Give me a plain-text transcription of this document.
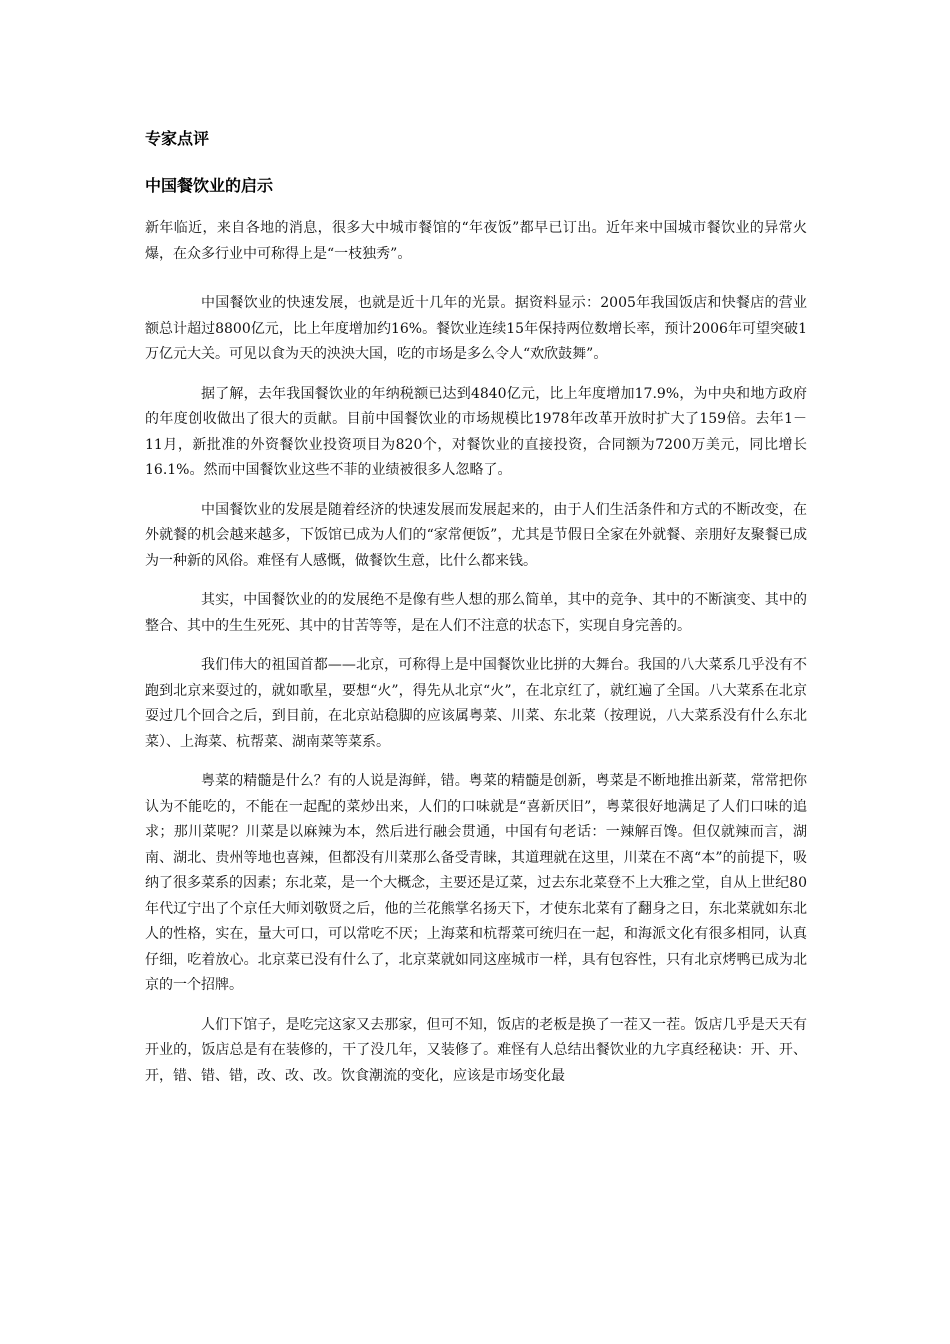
专家点评
中国餐饮业的启示

新年临近，来自各地的消息，很多大中城市餐馆的“年夜饭”都早已订出。近年来中国城市餐饮业的异常火爆，在众多行业中可称得上是“一枝独秀”。

中国餐饮业的快速发展，也就是近十几年的光景。据资料显示：2005年我国饭店和快餐店的营业额总计超过8800亿元，比上年度增加约16%。餐饮业连续15年保持两位数增长率，预计2006年可望突破1万亿元大关。可见以食为天的泱泱大国，吃的市场是多么令人“欢欣鼓舞”。

据了解，去年我国餐饮业的年纳税额已达到4840亿元，比上年度增加17.9%，为中央和地方政府的年度创收做出了很大的贡献。目前中国餐饮业的市场规模比1978年改革开放时扩大了159倍。去年1－11月，新批准的外资餐饮业投资项目为820个，对餐饮业的直接投资，合同额为7200万美元，同比增长16.1%。然而中国餐饮业这些不菲的业绩被很多人忽略了。

中国餐饮业的发展是随着经济的快速发展而发展起来的，由于人们生活条件和方式的不断改变，在外就餐的机会越来越多，下饭馆已成为人们的“家常便饭”，尤其是节假日全家在外就餐、亲朋好友聚餐已成为一种新的风俗。难怪有人感慨，做餐饮生意，比什么都来钱。

其实，中国餐饮业的的发展绝不是像有些人想的那么简单，其中的竞争、其中的不断演变、其中的整合、其中的生生死死、其中的甘苦等等，是在人们不注意的状态下，实现自身完善的。

我们伟大的祖国首都——北京，可称得上是中国餐饮业比拼的大舞台。我国的八大菜系几乎没有不跑到北京来耍过的，就如歌星，要想“火”，得先从北京“火”，在北京红了，就红遍了全国。八大菜系在北京耍过几个回合之后，到目前，在北京站稳脚的应该属粤菜、川菜、东北菜（按理说，八大菜系没有什么东北菜）、上海菜、杭帮菜、湖南菜等菜系。

粤菜的精髓是什么？有的人说是海鲜，错。粤菜的精髓是创新，粤菜是不断地推出新菜，常常把你认为不能吃的，不能在一起配的菜炒出来，人们的口味就是“喜新厌旧”，粤菜很好地满足了人们口味的追求；那川菜呢？川菜是以麻辣为本，然后进行融会贯通，中国有句老话：一辣解百馋。但仅就辣而言，湖南、湖北、贵州等地也喜辣，但都没有川菜那么备受青睐，其道理就在这里，川菜在不离“本”的前提下，吸纳了很多菜系的因素；东北菜，是一个大概念，主要还是辽菜，过去东北菜登不上大雅之堂，自从上世纪80年代辽宁出了个京任大师刘敬贤之后，他的兰花熊掌名扬天下，才使东北菜有了翻身之日，东北菜就如东北人的性格，实在，量大可口，可以常吃不厌；上海菜和杭帮菜可统归在一起，和海派文化有很多相同，认真仔细，吃着放心。北京菜已没有什么了，北京菜就如同这座城市一样，具有包容性，只有北京烤鸭已成为北京的一个招牌。

人们下馆子，是吃完这家又去那家，但可不知，饭店的老板是换了一茬又一茬。饭店几乎是天天有开业的，饭店总是有在装修的，干了没几年，又装修了。难怪有人总结出餐饮业的九字真经秘诀：开、开、开，错、错、错，改、改、改。饮食潮流的变化，应该是市场变化最
